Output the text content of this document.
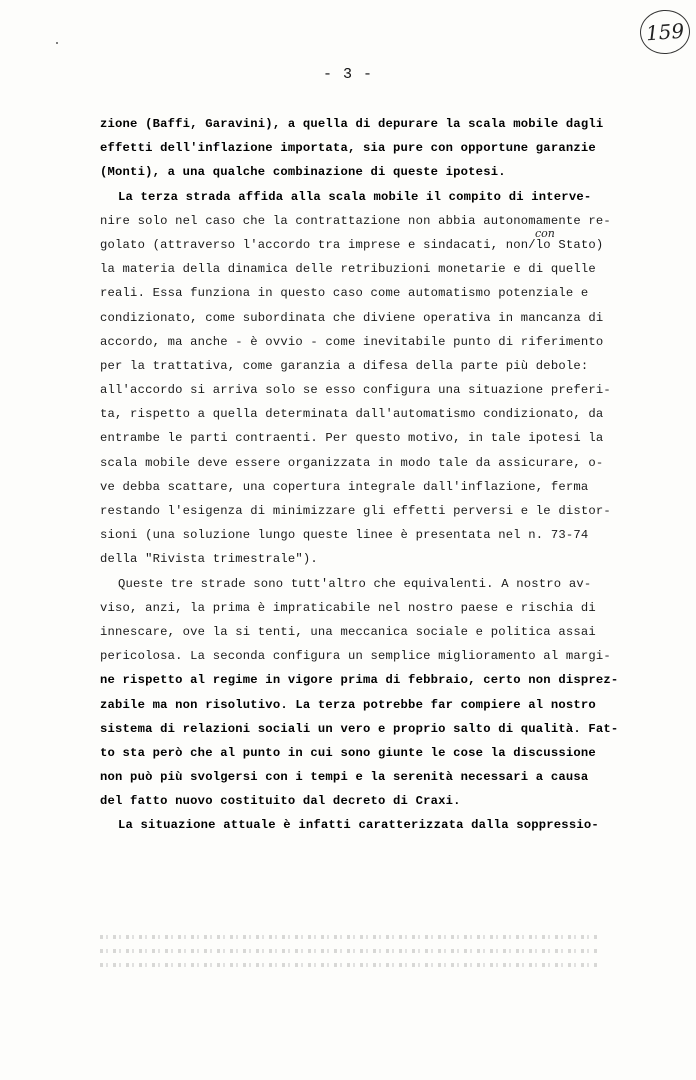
159
- 3 -
con
zione (Baffi, Garavini), a quella di depurare la scala mobile dagli
effetti dell'inflazione importata, sia pure con opportune garanzie
(Monti), a una qualche combinazione di queste ipotesi.
La terza strada affida alla scala mobile il compito di interve-
nire solo nel caso che la contrattazione non abbia autonomamente re-
golato (attraverso l'accordo tra imprese e sindacati, non/lo Stato)
la materia della dinamica delle retribuzioni monetarie e di quelle
reali. Essa funziona in questo caso come automatismo potenziale e
condizionato, come subordinata che diviene operativa in mancanza di
accordo, ma anche - è ovvio - come inevitabile punto di riferimento
per la trattativa, come garanzia a difesa della parte più debole:
all'accordo si arriva solo se esso configura una situazione preferi-
ta, rispetto a quella determinata dall'automatismo condizionato, da
entrambe le parti contraenti. Per questo motivo, in tale ipotesi la
scala mobile deve essere organizzata in modo tale da assicurare, o-
ve debba scattare, una copertura integrale dall'inflazione, ferma
restando l'esigenza di minimizzare gli effetti perversi e le distor-
sioni (una soluzione lungo queste linee è presentata nel n. 73-74
della "Rivista trimestrale").
Queste tre strade sono tutt'altro che equivalenti. A nostro av-
viso, anzi, la prima è impraticabile nel nostro paese e rischia di
innescare, ove la si tenti, una meccanica sociale e politica assai
pericolosa. La seconda configura un semplice miglioramento al margi-
ne rispetto al regime in vigore prima di febbraio, certo non disprez-
zabile ma non risolutivo. La terza potrebbe far compiere al nostro
sistema di relazioni sociali un vero e proprio salto di qualità. Fat-
to sta però che al punto in cui sono giunte le cose la discussione
non può più svolgersi con i tempi e la serenità necessari a causa
del fatto nuovo costituito dal decreto di Craxi.
La situazione attuale è infatti caratterizzata dalla soppressio-
